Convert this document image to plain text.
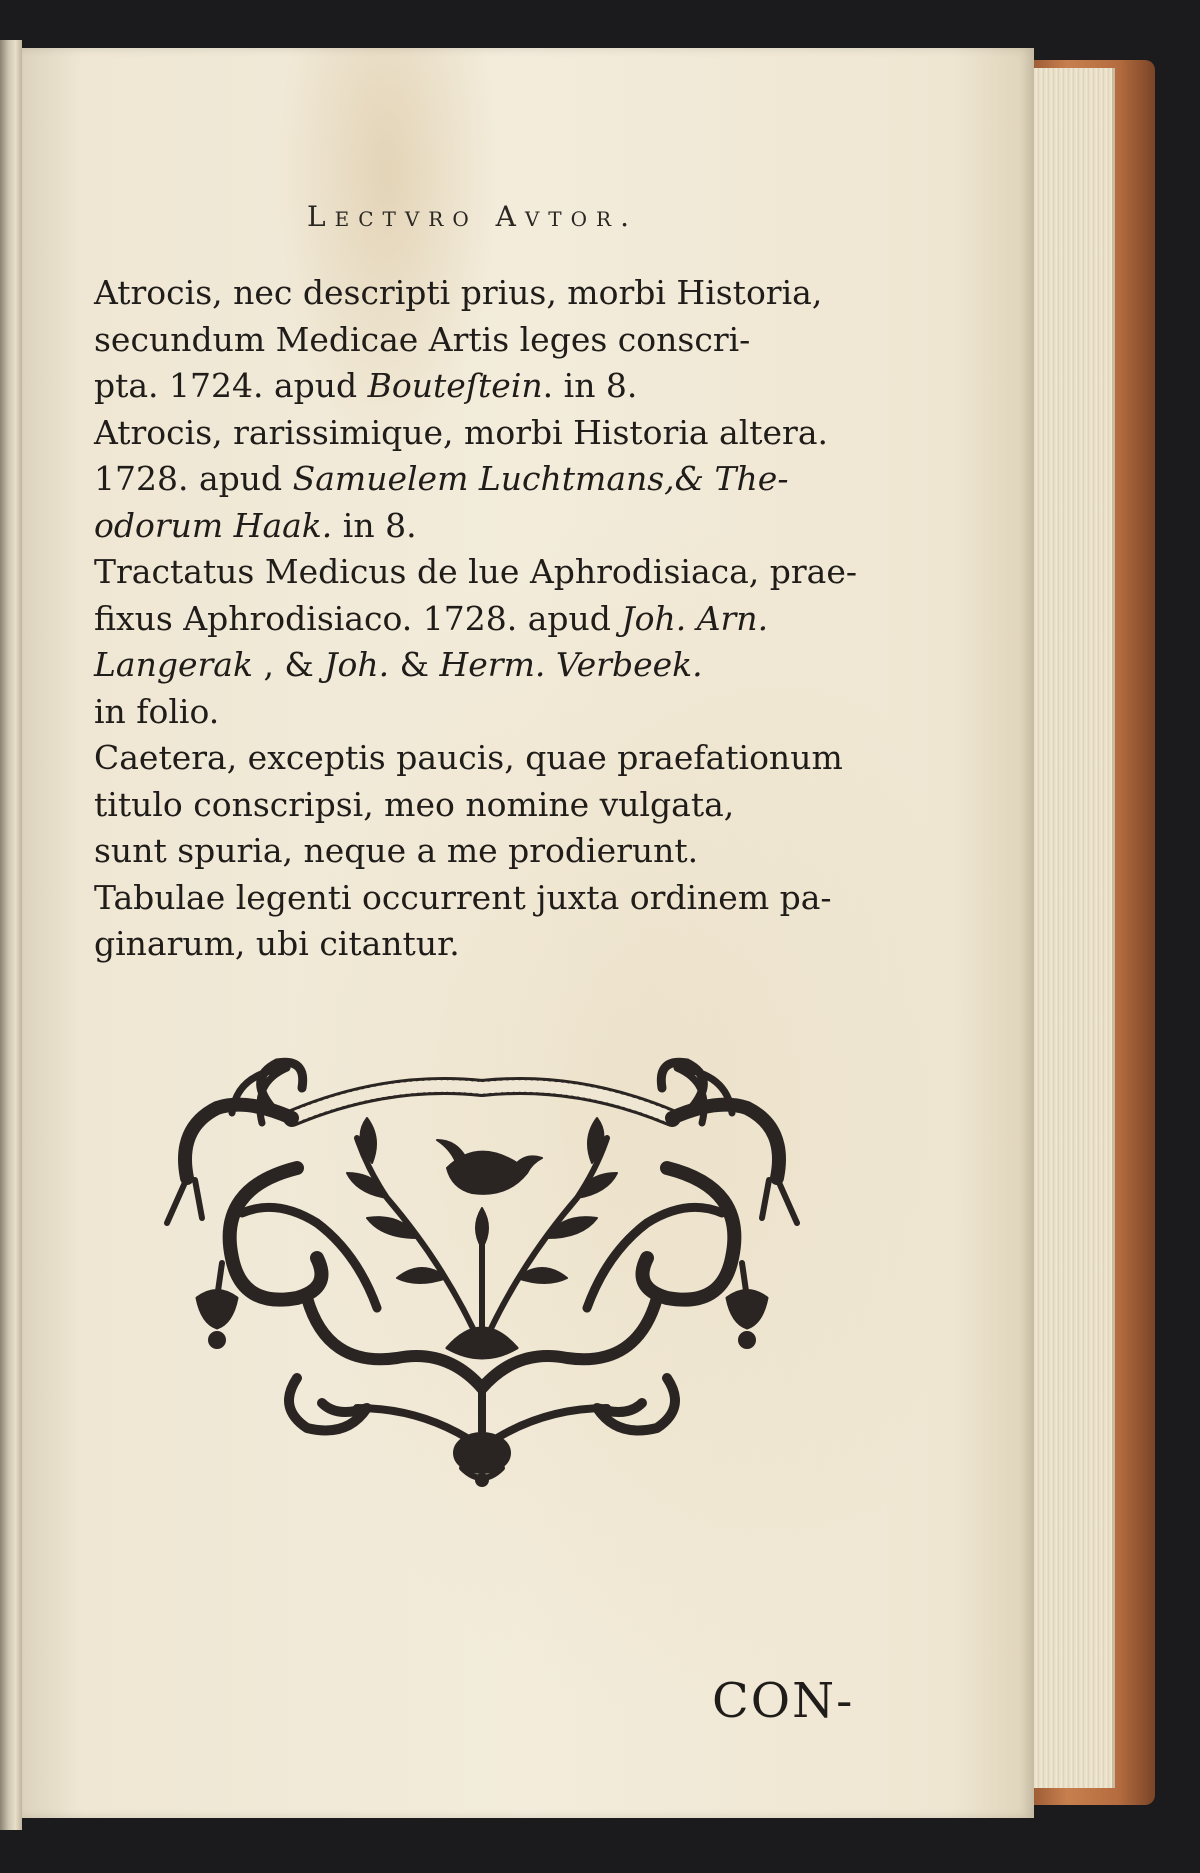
Lectvro Avtor.

Atrocis, nec descripti prius, morbi Historia,
secundum Medicae Artis leges conscri-
pta. 1724. apud Bouteſtein. in 8.

Atrocis, rarissimique, morbi Historia altera.
1728. apud Samuelem Luchtmans,& The-
odorum Haak. in 8.

Tractatus Medicus de lue Aphrodisiaca, prae-
fixus Aphrodisiaco. 1728. apud Joh. Arn.
Langerak , & Joh. & Herm. Verbeek.
in folio.

Caetera, exceptis paucis, quae praefationum
titulo conscripsi, meo nomine vulgata,
sunt spuria, neque a me prodierunt.

Tabulae legenti occurrent juxta ordinem pa-
ginarum, ubi citantur.

CON-
